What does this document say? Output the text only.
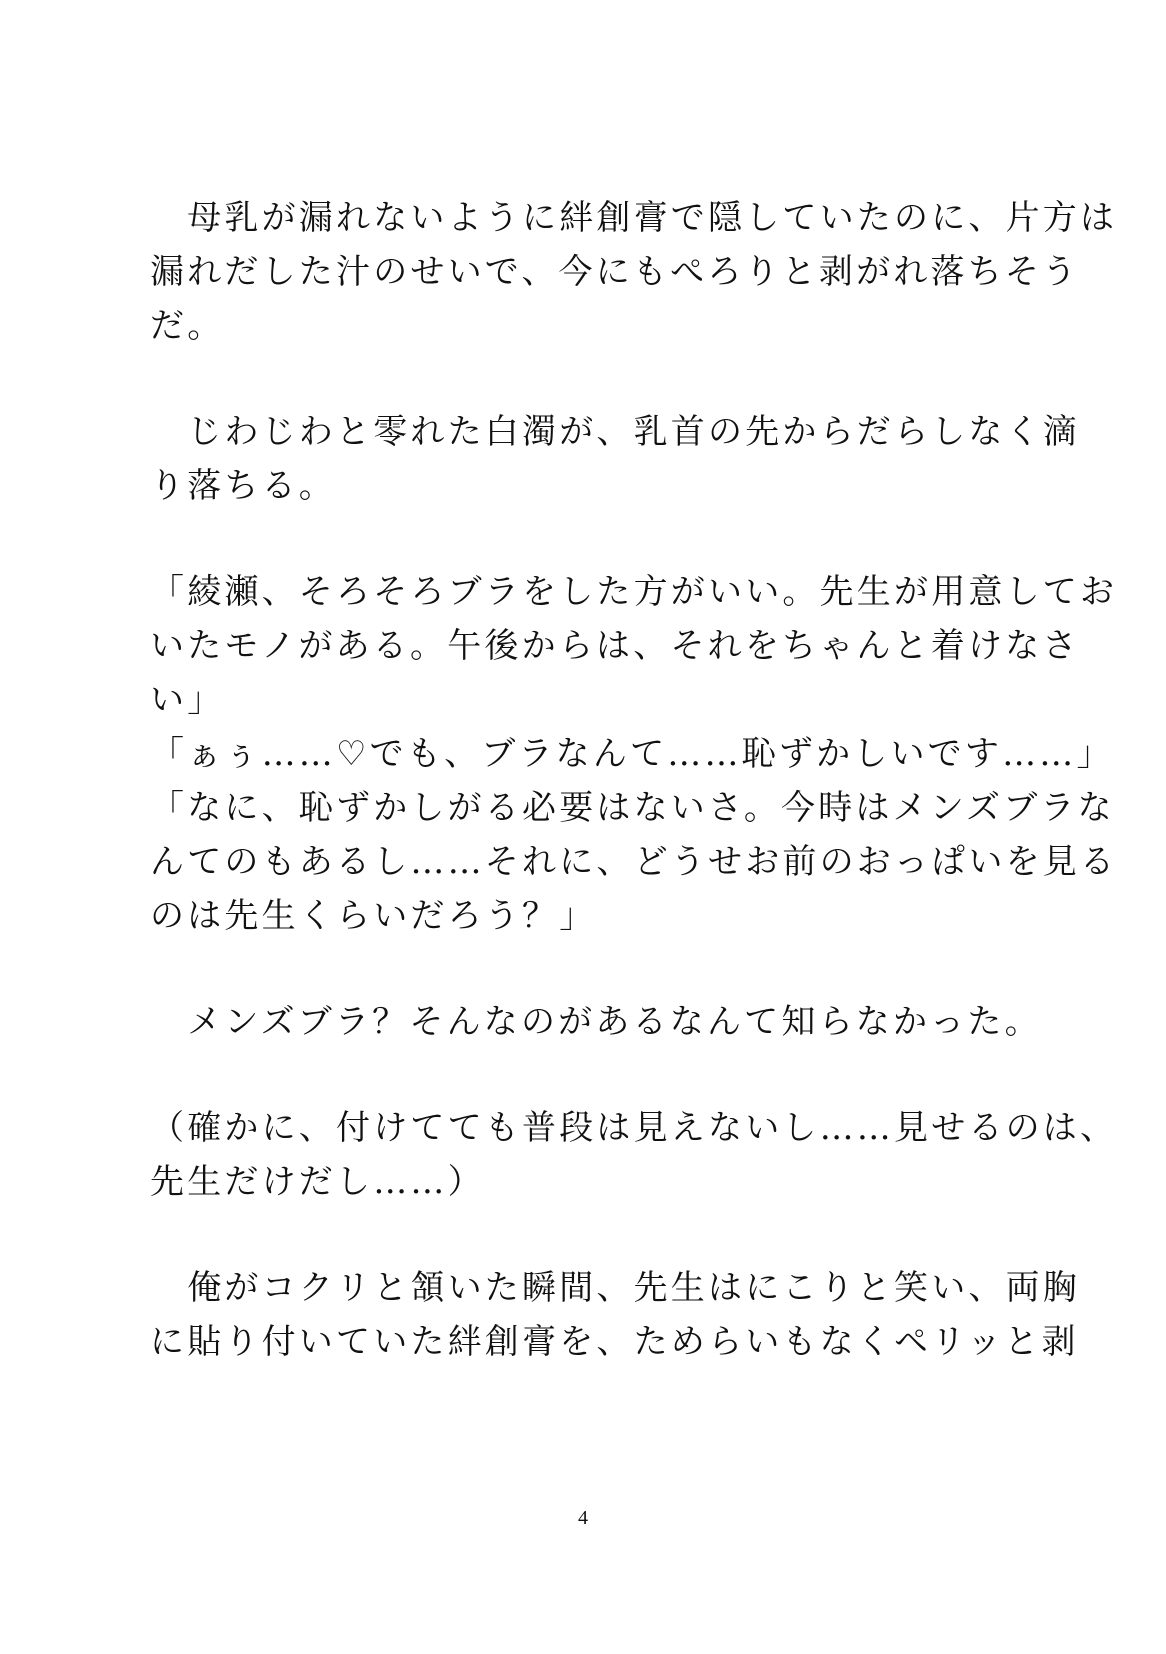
　母乳が漏れないように絆創膏で隠していたのに、片方は
漏れだした汁のせいで、今にもぺろりと剥がれ落ちそう
だ。
　じわじわと零れた白濁が、乳首の先からだらしなく滴
り落ちる。
「綾瀬、そろそろブラをした方がいい。先生が用意してお
いたモノがある。午後からは、それをちゃんと着けなさ
い」
「ぁぅ……♡でも、ブラなんて……恥ずかしいです……」
「なに、恥ずかしがる必要はないさ。今時はメンズブラな
んてのもあるし……それに、どうせお前のおっぱいを見る
のは先生くらいだろう？」
　メンズブラ？そんなのがあるなんて知らなかった。
（確かに、付けてても普段は見えないし……見せるのは、
先生だけだし……）
　俺がコクリと頷いた瞬間、先生はにこりと笑い、両胸
に貼り付いていた絆創膏を、ためらいもなくペリッと剥
4
